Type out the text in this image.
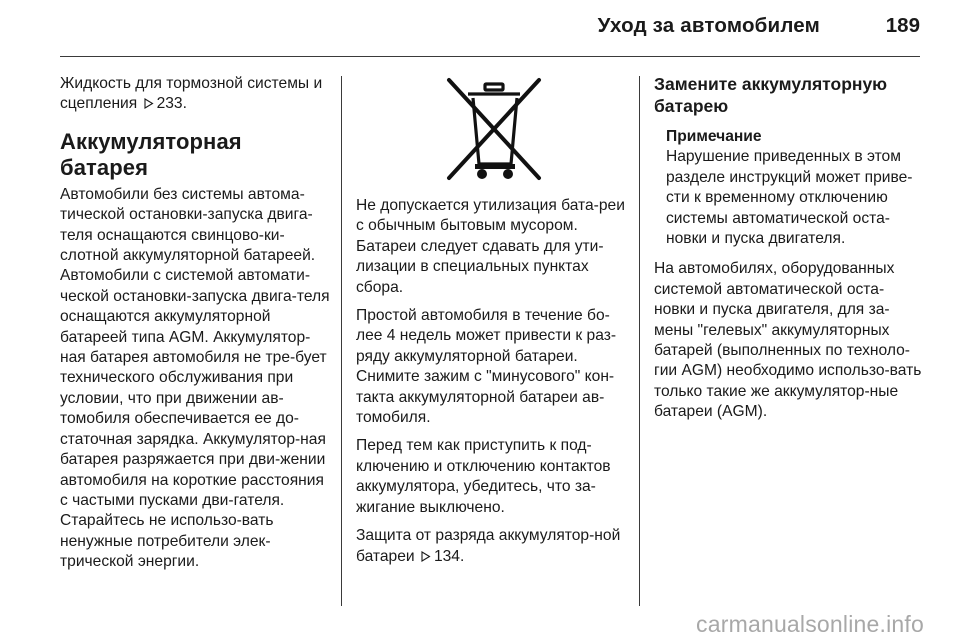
Уход за автомобилем	189

Жидкость для тормозной системы и сцепления 233.

Аккумуляторная батарея

Автомобили без системы автома-тической остановки-запуска двига-теля оснащаются свинцово-ки-слотной аккумуляторной батареей. Автомобили с системой автомати-ческой остановки-запуска двига-теля оснащаются аккумуляторной батареей типа AGM. Аккумулятор-ная батарея автомобиля не тре-бует технического обслуживания при условии, что при движении ав-томобиля обеспечивается ее до-статочная зарядка. Аккумулятор-ная батарея разряжается при дви-жении автомобиля на короткие расстояния с частыми пусками дви-гателя. Старайтесь не использо-вать ненужные потребители элек-трической энергии.

Не допускается утилизация бата-реи с обычным бытовым мусором. Батареи следует сдавать для ути-лизации в специальных пунктах сбора.

Простой автомобиля в течение бо-лее 4 недель может привести к раз-ряду аккумуляторной батареи. Снимите зажим с "минусового" кон-такта аккумуляторной батареи ав-томобиля.

Перед тем как приступить к под-ключению и отключению контактов аккумулятора, убедитесь, что за-жигание выключено.

Защита от разряда аккумулятор-ной батареи 134.

Замените аккумуляторную батарею
Примечание
Нарушение приведенных в этом разделе инструкций может приве-сти к временному отключению системы автоматической оста-новки и пуска двигателя.

На автомобилях, оборудованных системой автоматической оста-новки и пуска двигателя, для за-мены "гелевых" аккумуляторных батарей (выполненных по техноло-гии AGM) необходимо использо-вать только такие же аккумулятор-ные батареи (AGM).

carmanualsonline.info
